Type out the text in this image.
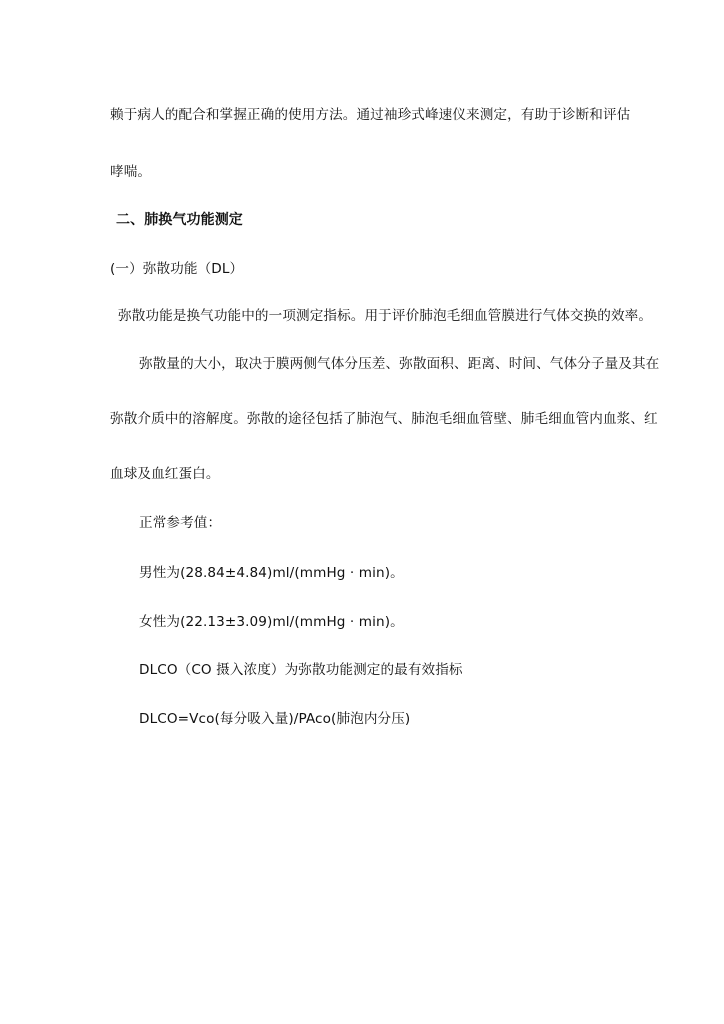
赖于病人的配合和掌握正确的使用方法。通过袖珍式峰速仪来测定，有助于诊断和评估
哮喘。
二、肺换气功能测定
(一）弥散功能（DL）
弥散功能是换气功能中的一项测定指标。用于评价肺泡毛细血管膜进行气体交换的效率。
弥散量的大小，取决于膜两侧气体分压差、弥散面积、距离、时间、气体分子量及其在
弥散介质中的溶解度。弥散的途径包括了肺泡气、肺泡毛细血管壁、肺毛细血管内血浆、红
血球及血红蛋白。
正常参考值：
男性为(28.84±4.84)ml/(mmHg · min)。
女性为(22.13±3.09)ml/(mmHg · min)。
DLCO（CO 摄入浓度）为弥散功能测定的最有效指标
DLCO=Vco(每分吸入量)/PAco(肺泡内分压)
